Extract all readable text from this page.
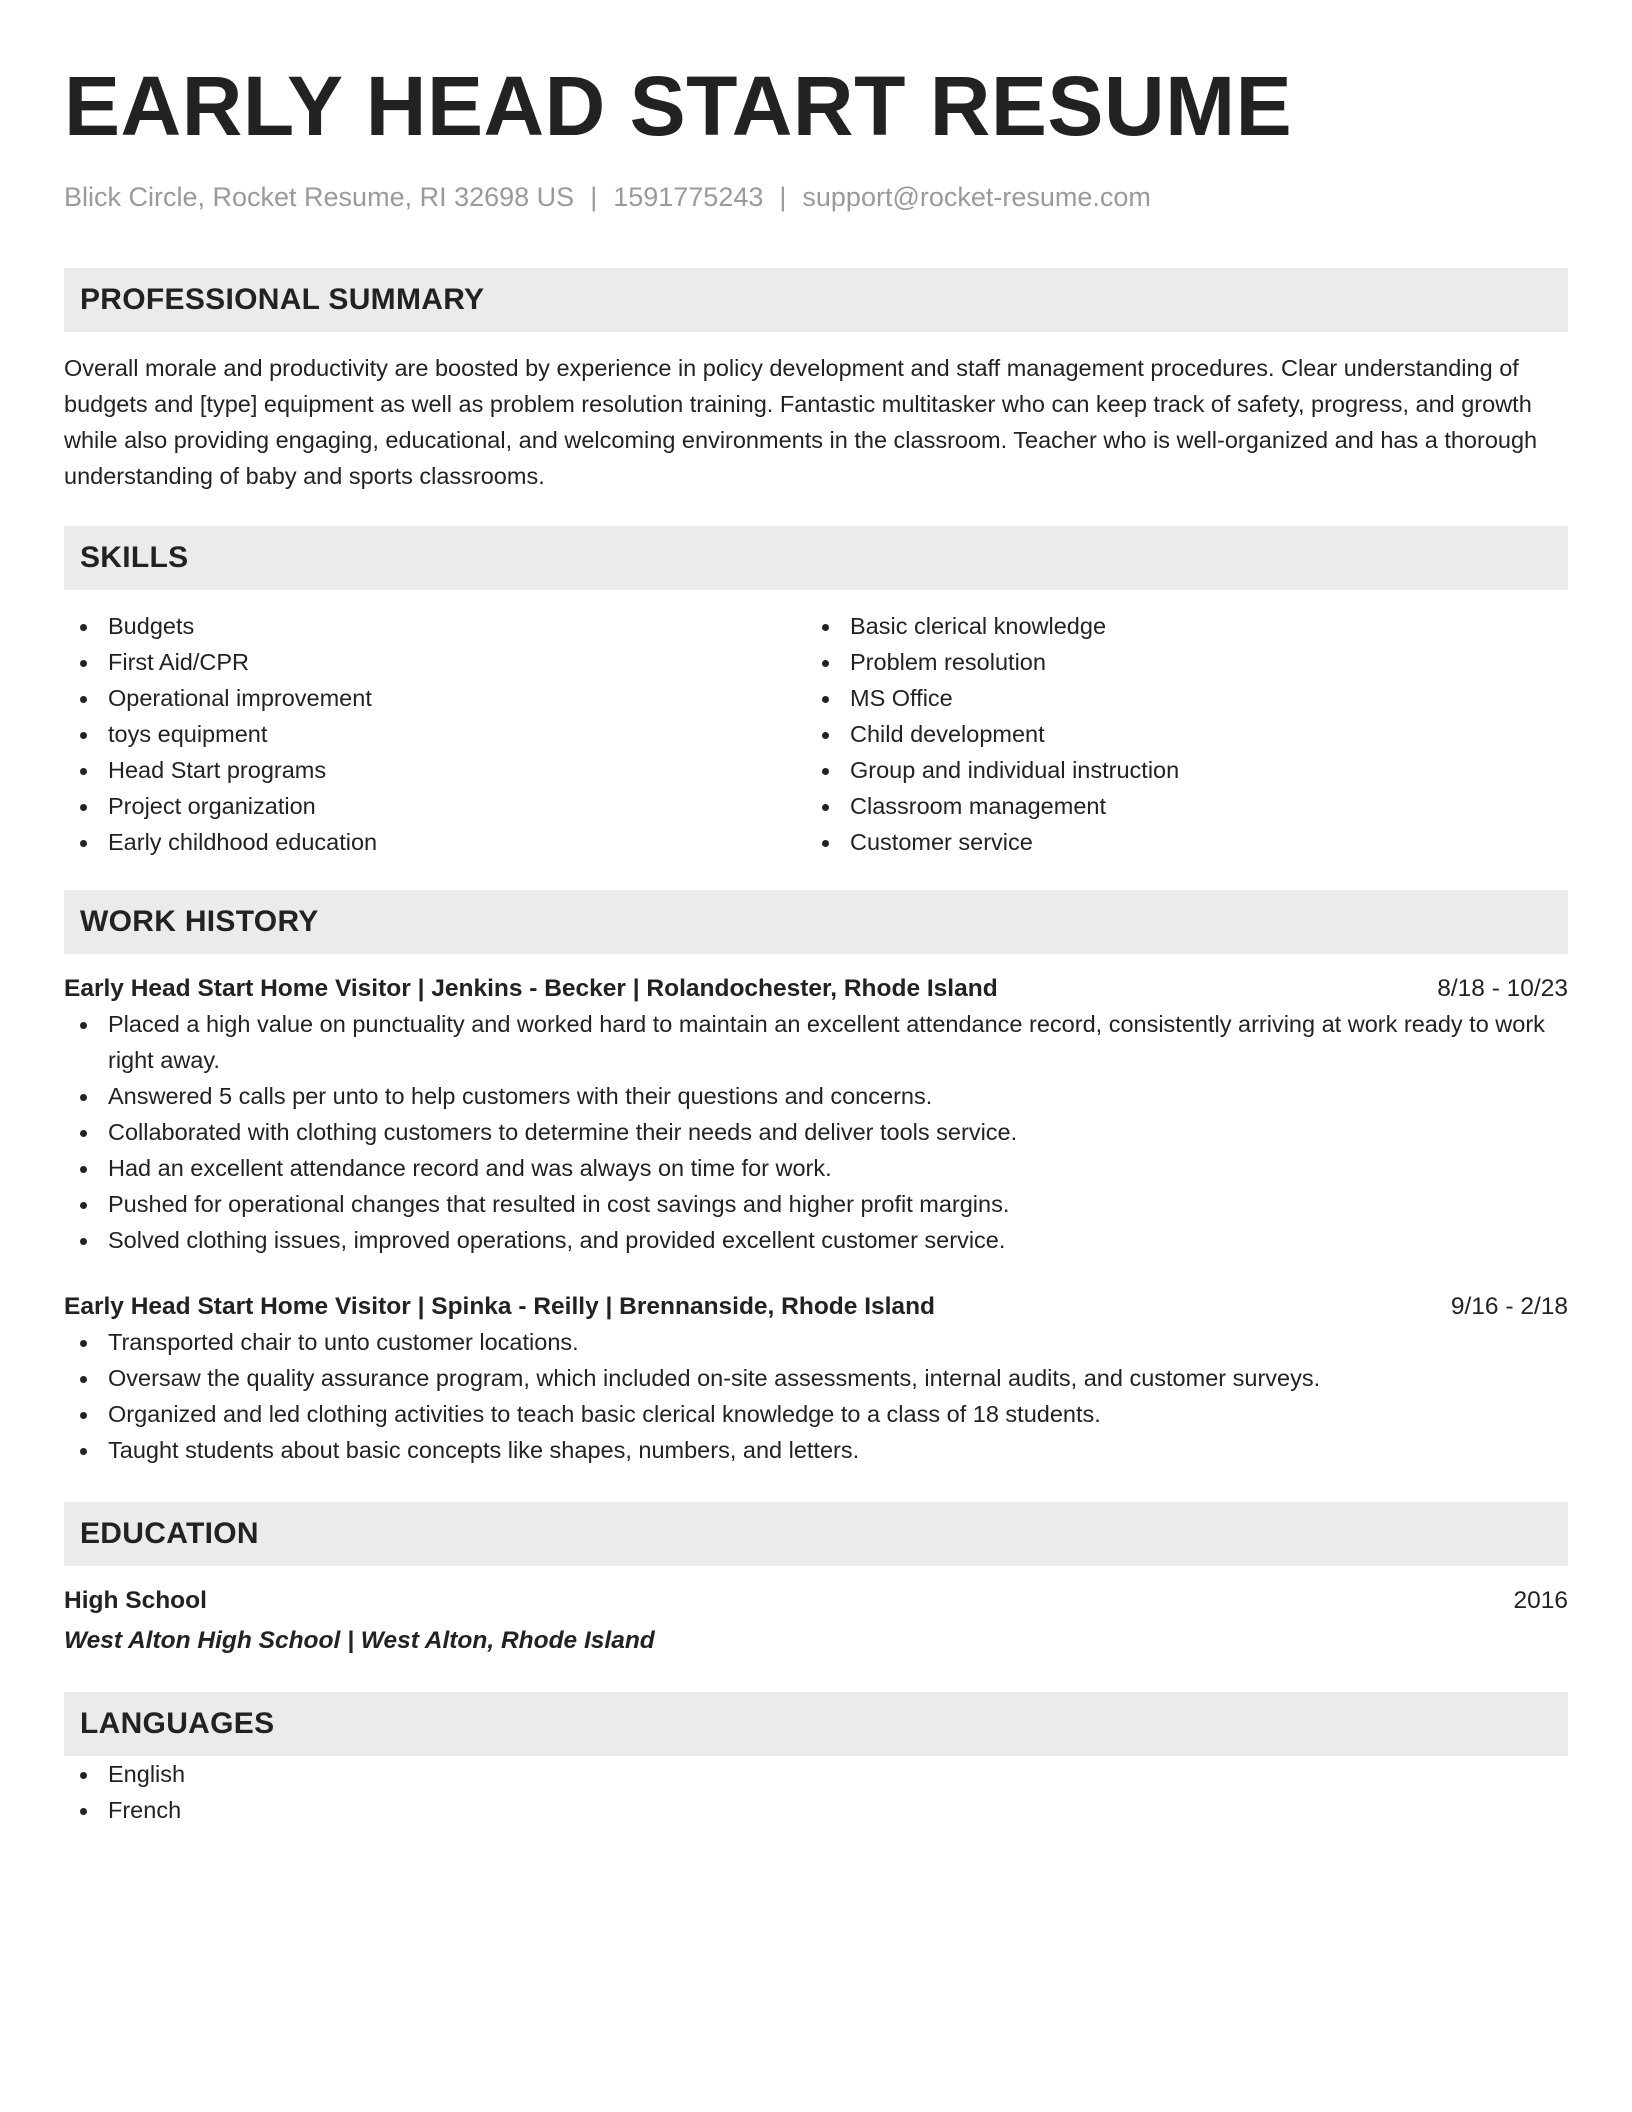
EARLY HEAD START RESUME
Blick Circle, Rocket Resume, RI 32698 US | 1591775243 | support@rocket-resume.com
PROFESSIONAL SUMMARY
Overall morale and productivity are boosted by experience in policy development and staff management procedures. Clear understanding of budgets and [type] equipment as well as problem resolution training. Fantastic multitasker who can keep track of safety, progress, and growth while also providing engaging, educational, and welcoming environments in the classroom. Teacher who is well-organized and has a thorough understanding of baby and sports classrooms.
SKILLS
Budgets
First Aid/CPR
Operational improvement
toys equipment
Head Start programs
Project organization
Early childhood education
Basic clerical knowledge
Problem resolution
MS Office
Child development
Group and individual instruction
Classroom management
Customer service
WORK HISTORY
Early Head Start Home Visitor | Jenkins - Becker | Rolandochester, Rhode Island	8/18 - 10/23
Placed a high value on punctuality and worked hard to maintain an excellent attendance record, consistently arriving at work ready to work right away.
Answered 5 calls per unto to help customers with their questions and concerns.
Collaborated with clothing customers to determine their needs and deliver tools service.
Had an excellent attendance record and was always on time for work.
Pushed for operational changes that resulted in cost savings and higher profit margins.
Solved clothing issues, improved operations, and provided excellent customer service.
Early Head Start Home Visitor | Spinka - Reilly | Brennanside, Rhode Island	9/16 - 2/18
Transported chair to unto customer locations.
Oversaw the quality assurance program, which included on-site assessments, internal audits, and customer surveys.
Organized and led clothing activities to teach basic clerical knowledge to a class of 18 students.
Taught students about basic concepts like shapes, numbers, and letters.
EDUCATION
High School	2016
West Alton High School | West Alton, Rhode Island
LANGUAGES
English
French
